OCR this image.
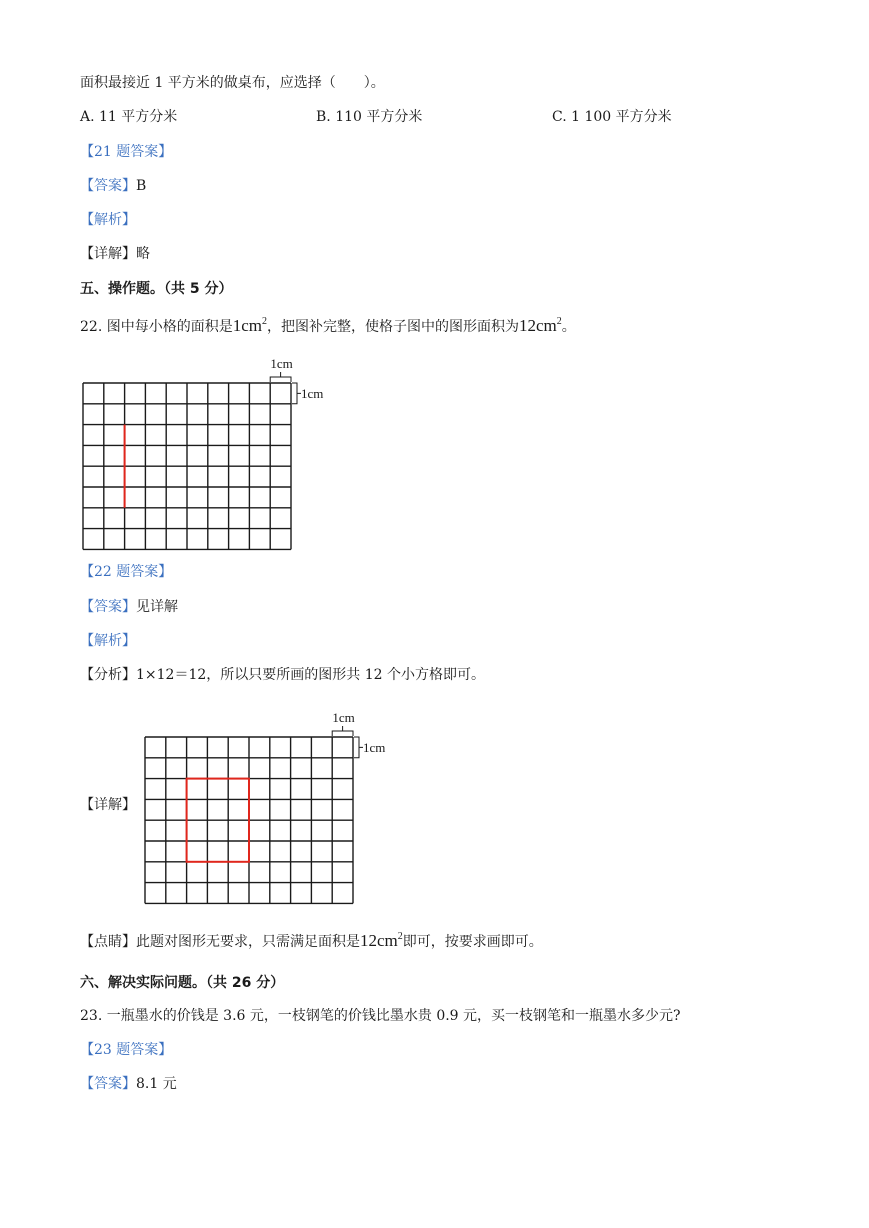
面积最接近 1 平方米的做桌布，应选择（　　）。
A. 11 平方分米	B. 110 平方分米	C. 1 100 平方分米
【21 题答案】
【答案】B
【解析】
【详解】略
五、操作题。（共 5 分）
22. 图中每小格的面积是$1cm^2$，把图补完整，使格子图中的图形面积为$12cm^2$。
1cm
1cm
1cm
1cm
【22 题答案】
【答案】见详解
【解析】
【分析】1×12＝12，所以只要所画的图形共 12 个小方格即可。
【详解】
【点睛】此题对图形无要求，只需满足面积是$12cm^2$即可，按要求画即可。
六、解决实际问题。（共 26 分）
23. 一瓶墨水的价钱是 3.6 元，一枝钢笔的价钱比墨水贵 0.9 元，买一枝钢笔和一瓶墨水多少元?
【23 题答案】
【答案】8.1 元
